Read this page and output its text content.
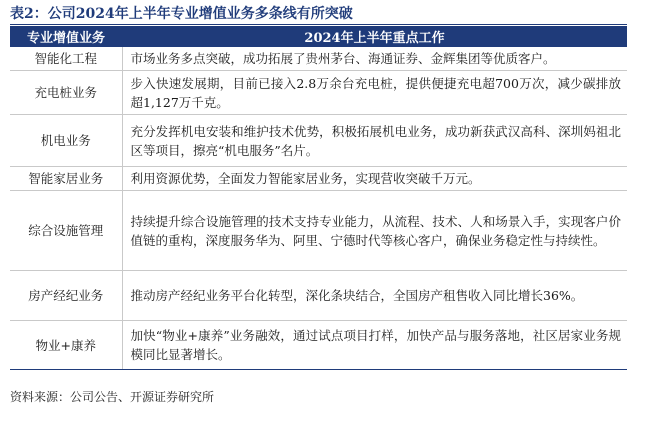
表2：公司2024年上半年专业增值业务多条线有所突破
专业增值业务	2024年上半年重点工作
智能化工程	市场业务多点突破，成功拓展了贵州茅台、海通证券、金辉集团等优质客户。
充电桩业务	步入快速发展期，目前已接入2.8万余台充电桩，提供便捷充电超700万次，减少碳排放超1,127万千克。
机电业务	充分发挥机电安装和维护技术优势，积极拓展机电业务，成功新获武汉高科、深圳妈祖北区等项目，擦亮“机电服务”名片。
智能家居业务	利用资源优势，全面发力智能家居业务，实现营收突破千万元。
综合设施管理	持续提升综合设施管理的技术支持专业能力，从流程、技术、人和场景入手，实现客户价值链的重构，深度服务华为、阿里、宁德时代等核心客户，确保业务稳定性与持续性。
房产经纪业务	推动房产经纪业务平台化转型，深化条块结合，全国房产租售收入同比增长36%。
物业+康养	加快“物业+康养”业务融效，通过试点项目打样，加快产品与服务落地，社区居家业务规模同比显著增长。
资料来源：公司公告、开源证券研究所
